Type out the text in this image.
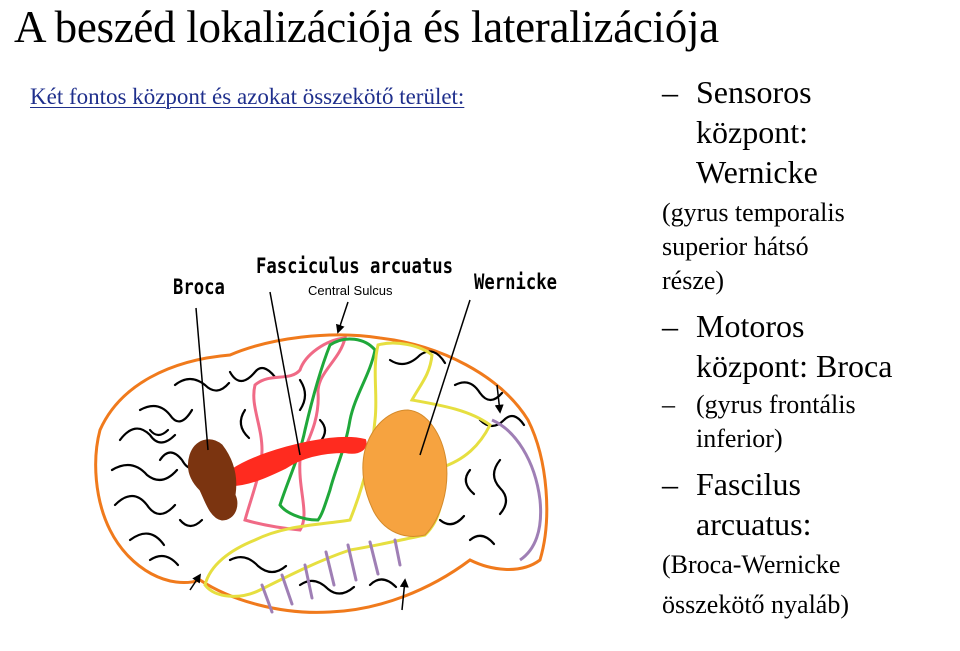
A beszéd lokalizációja és lateralizációja
Két fontos központ és azokat összekötő terület:	– Sensoros
központ:
Wernicke
(gyrus temporalis
superior hátsó
része)
– Motoros
központ: Broca
– (gyrus frontális
inferior)
– Fascilus
arcuatus:
(Broca-Wernicke
összekötő nyaláb)
Broca
Fasciculus arcuatus
Central Sulcus	Wernicke
